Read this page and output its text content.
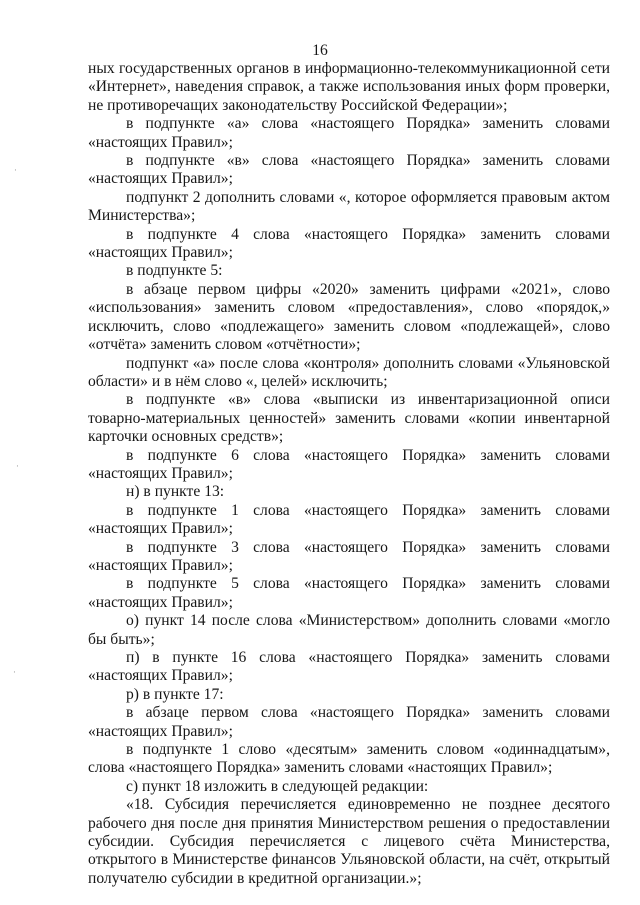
16

ных государственных органов в информационно-телекоммуникационной сети «Интернет», наведения справок, а также использования иных форм проверки, не противоречащих законодательству Российской Федерации»;

в подпункте «а» слова «настоящего Порядка» заменить словами «настоящих Правил»;

в подпункте «в» слова «настоящего Порядка» заменить словами «настоящих Правил»;

подпункт 2 дополнить словами «, которое оформляется правовым актом Министерства»;

в подпункте 4 слова «настоящего Порядка» заменить словами «настоящих Правил»;

в подпункте 5:

в абзаце первом цифры «2020» заменить цифрами «2021», слово «использования» заменить словом «предоставления», слово «порядок,» исключить, слово «подлежащего» заменить словом «подлежащей», слово «отчёта» заменить словом «отчётности»;

подпункт «а» после слова «контроля» дополнить словами «Ульяновской области» и в нём слово «, целей» исключить;

в подпункте «в» слова «выписки из инвентаризационной описи товарно-материальных ценностей» заменить словами «копии инвентарной карточки основных средств»;

в подпункте 6 слова «настоящего Порядка» заменить словами «настоящих Правил»;

н) в пункте 13:

в подпункте 1 слова «настоящего Порядка» заменить словами «настоящих Правил»;

в подпункте 3 слова «настоящего Порядка» заменить словами «настоящих Правил»;

в подпункте 5 слова «настоящего Порядка» заменить словами «настоящих Правил»;

о) пункт 14 после слова «Министерством» дополнить словами «могло бы быть»;

п) в пункте 16 слова «настоящего Порядка» заменить словами «настоящих Правил»;

р) в пункте 17:

в абзаце первом слова «настоящего Порядка» заменить словами «настоящих Правил»;

в подпункте 1 слово «десятым» заменить словом «одиннадцатым», слова «настоящего Порядка» заменить словами «настоящих Правил»;

с) пункт 18 изложить в следующей редакции:

«18. Субсидия перечисляется единовременно не позднее десятого рабочего дня после дня принятия Министерством решения о предоставлении субсидии. Субсидия перечисляется с лицевого счёта Министерства, открытого в Министерстве финансов Ульяновской области, на счёт, открытый получателю субсидии в кредитной организации.»;

·
·
·
